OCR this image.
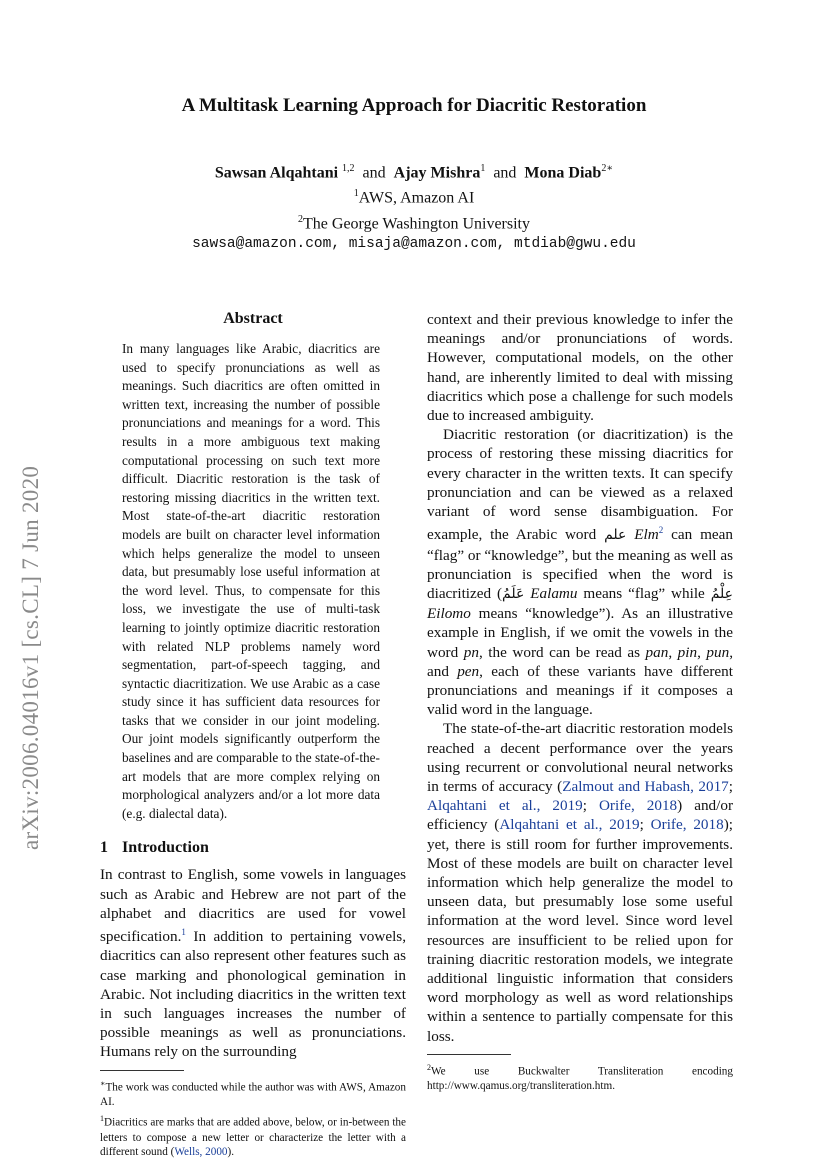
arXiv:2006.04016v1 [cs.CL] 7 Jun 2020
A Multitask Learning Approach for Diacritic Restoration
Sawsan Alqahtani $^{1,2}$ and Ajay Mishra$^1$ and Mona Diab$^{2∗}$
$^1$AWS, Amazon AI
$^2$The George Washington University
sawsa@amazon.com, misaja@amazon.com, mtdiab@gwu.edu
Abstract

In many languages like Arabic, diacritics are used to specify pronunciations as well as meanings. Such diacritics are often omitted in written text, increasing the number of possible pronunciations and meanings for a word. This results in a more ambiguous text making computational processing on such text more difficult. Diacritic restoration is the task of restoring missing diacritics in the written text. Most state-of-the-art diacritic restoration models are built on character level information which helps generalize the model to unseen data, but presumably lose useful information at the word level. Thus, to compensate for this loss, we investigate the use of multi-task learning to jointly optimize diacritic restoration with related NLP problems namely word segmentation, part-of-speech tagging, and syntactic diacritization. We use Arabic as a case study since it has sufficient data resources for tasks that we consider in our joint modeling. Our joint models significantly outperform the baselines and are comparable to the state-of-the-art models that are more complex relying on morphological analyzers and/or a lot more data (e.g. dialectal data).

1 Introduction

In contrast to English, some vowels in languages such as Arabic and Hebrew are not part of the alphabet and diacritics are used for vowel specification.$^1$ In addition to pertaining vowels, diacritics can also represent other features such as case marking and phonological gemination in Arabic. Not including diacritics in the written text in such languages increases the number of possible meanings as well as pronunciations. Humans rely on the surrounding

∗The work was conducted while the author was with AWS, Amazon AI.

$^1$Diacritics are marks that are added above, below, or in-between the letters to compose a new letter or characterize the letter with a different sound (Wells, 2000).

context and their previous knowledge to infer the meanings and/or pronunciations of words. However, computational models, on the other hand, are inherently limited to deal with missing diacritics which pose a challenge for such models due to increased ambiguity.

Diacritic restoration (or diacritization) is the process of restoring these missing diacritics for every character in the written texts. It can specify pronunciation and can be viewed as a relaxed variant of word sense disambiguation. For example, the Arabic word علم Elm$^2$ can mean “flag” or “knowledge”, but the meaning as well as pronunciation is specified when the word is diacritized (عَلَمُ Ealamu means “flag” while عِلْمُ Eilomo means “knowledge”). As an illustrative example in English, if we omit the vowels in the word pn, the word can be read as pan, pin, pun, and pen, each of these variants have different pronunciations and meanings if it composes a valid word in the language.

The state-of-the-art diacritic restoration models reached a decent performance over the years using recurrent or convolutional neural networks in terms of accuracy (Zalmout and Habash, 2017; Alqahtani et al., 2019; Orife, 2018) and/or efficiency (Alqahtani et al., 2019; Orife, 2018); yet, there is still room for further improvements. Most of these models are built on character level information which help generalize the model to unseen data, but presumably lose some useful information at the word level. Since word level resources are insufficient to be relied upon for training diacritic restoration models, we integrate additional linguistic information that considers word morphology as well as word relationships within a sentence to partially compensate for this loss.

$^2$We use Buckwalter Transliteration encoding http://www.qamus.org/transliteration.htm.
